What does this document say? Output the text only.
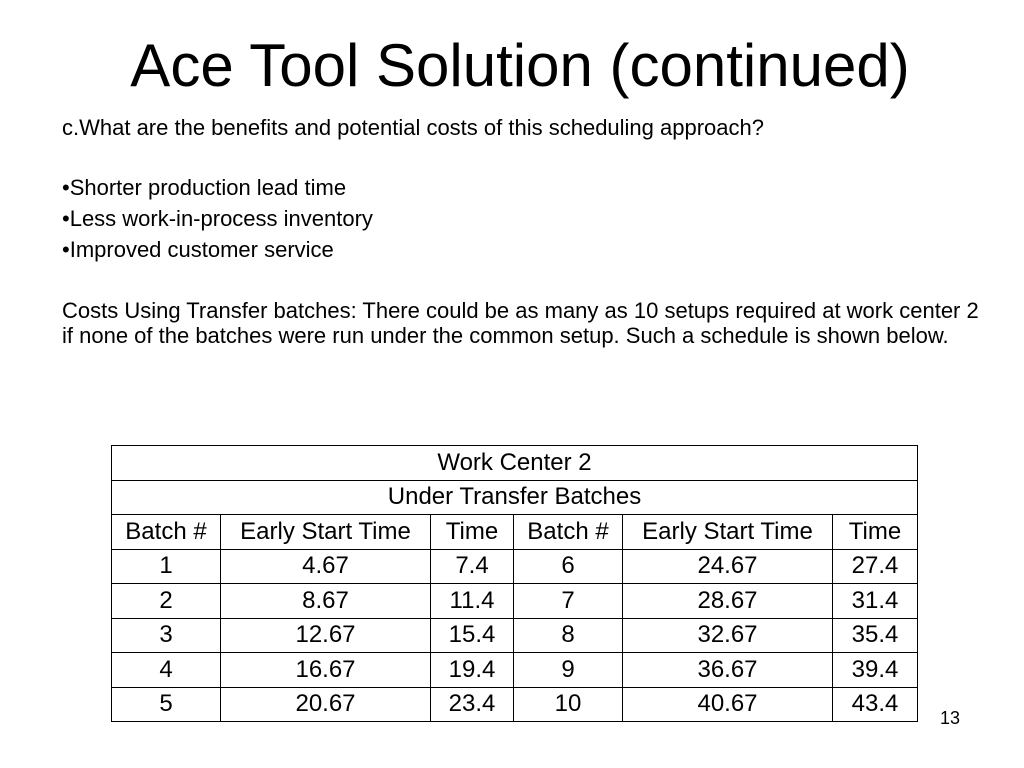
Ace Tool Solution (continued)

c.What are the benefits and potential costs of this scheduling approach?

•Shorter production lead time
•Less work-in-process inventory
•Improved customer service

Costs Using Transfer batches: There could be as many as 10 setups required at work center 2 if none of the batches were run under the common setup. Such a schedule is shown below.

Work Center 2					
Under Transfer Batches					
Batch #	Early Start Time	Time	Batch #	Early Start Time	Time
1	4.67	7.4	6	24.67	27.4
2	8.67	11.4	7	28.67	31.4
3	12.67	15.4	8	32.67	35.4
4	16.67	19.4	9	36.67	39.4
5	20.67	23.4	10	40.67	43.4
13
